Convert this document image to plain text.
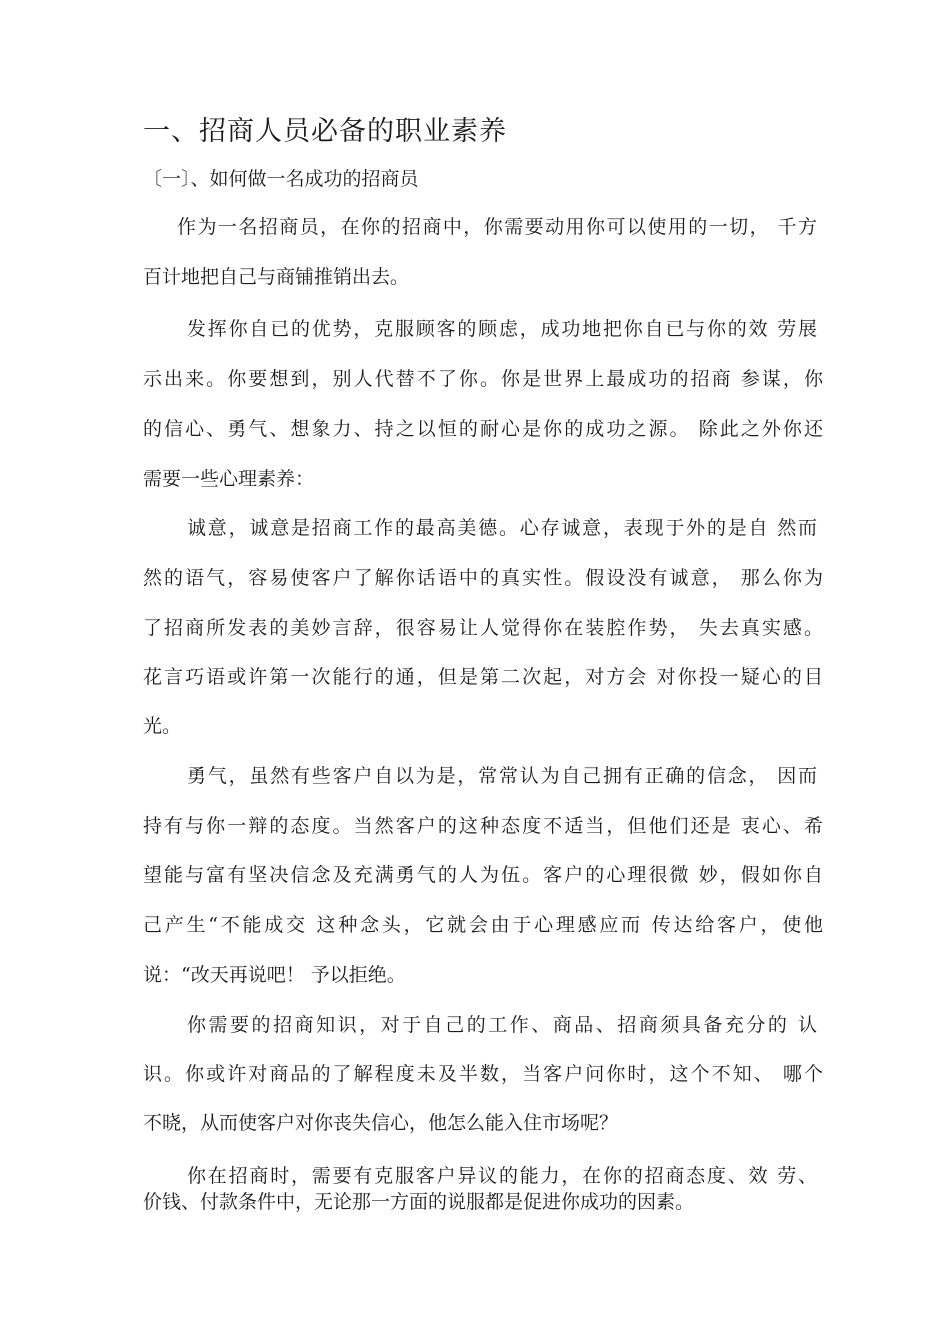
一、招商人员必备的职业素养

〔一〕、如何做一名成功的招商员

作为一名招商员，在你的招商中，你需要动用你可以使用的一切， 千方

百计地把自己与商铺推销出去。

发挥你自已的优势，克服顾客的顾虑，成功地把你自已与你的效 劳展

示出来。你要想到，别人代替不了你。你是世界上最成功的招商 参谋，你

的信心、勇气、想象力、持之以恒的耐心是你的成功之源。 除此之外你还

需要一些心理素养：

诚意，诚意是招商工作的最高美德。心存诚意，表现于外的是自 然而

然的语气，容易使客户了解你话语中的真实性。假设没有诚意， 那么你为

了招商所发表的美妙言辞，很容易让人觉得你在装腔作势， 失去真实感。

花言巧语或许第一次能行的通，但是第二次起，对方会 对你投一疑心的目

光。

勇气，虽然有些客户自以为是，常常认为自己拥有正确的信念， 因而

持有与你一辩的态度。当然客户的这种态度不适当，但他们还是 衷心、希

望能与富有坚决信念及充满勇气的人为伍。客户的心理很微 妙，假如你自

己产生“不能成交 这种念头，它就会由于心理感应而 传达给客户，使他

说：“改天再说吧！ 予以拒绝。

你需要的招商知识，对于自己的工作、商品、招商须具备充分的 认

识。你或许对商品的了解程度未及半数，当客户问你时，这个不知、 哪个

不晓，从而使客户对你丧失信心，他怎么能入住市场呢？

你在招商时，需要有克服客户异议的能力，在你的招商态度、效 劳、

价钱、付款条件中，无论那一方面的说服都是促进你成功的因素。
